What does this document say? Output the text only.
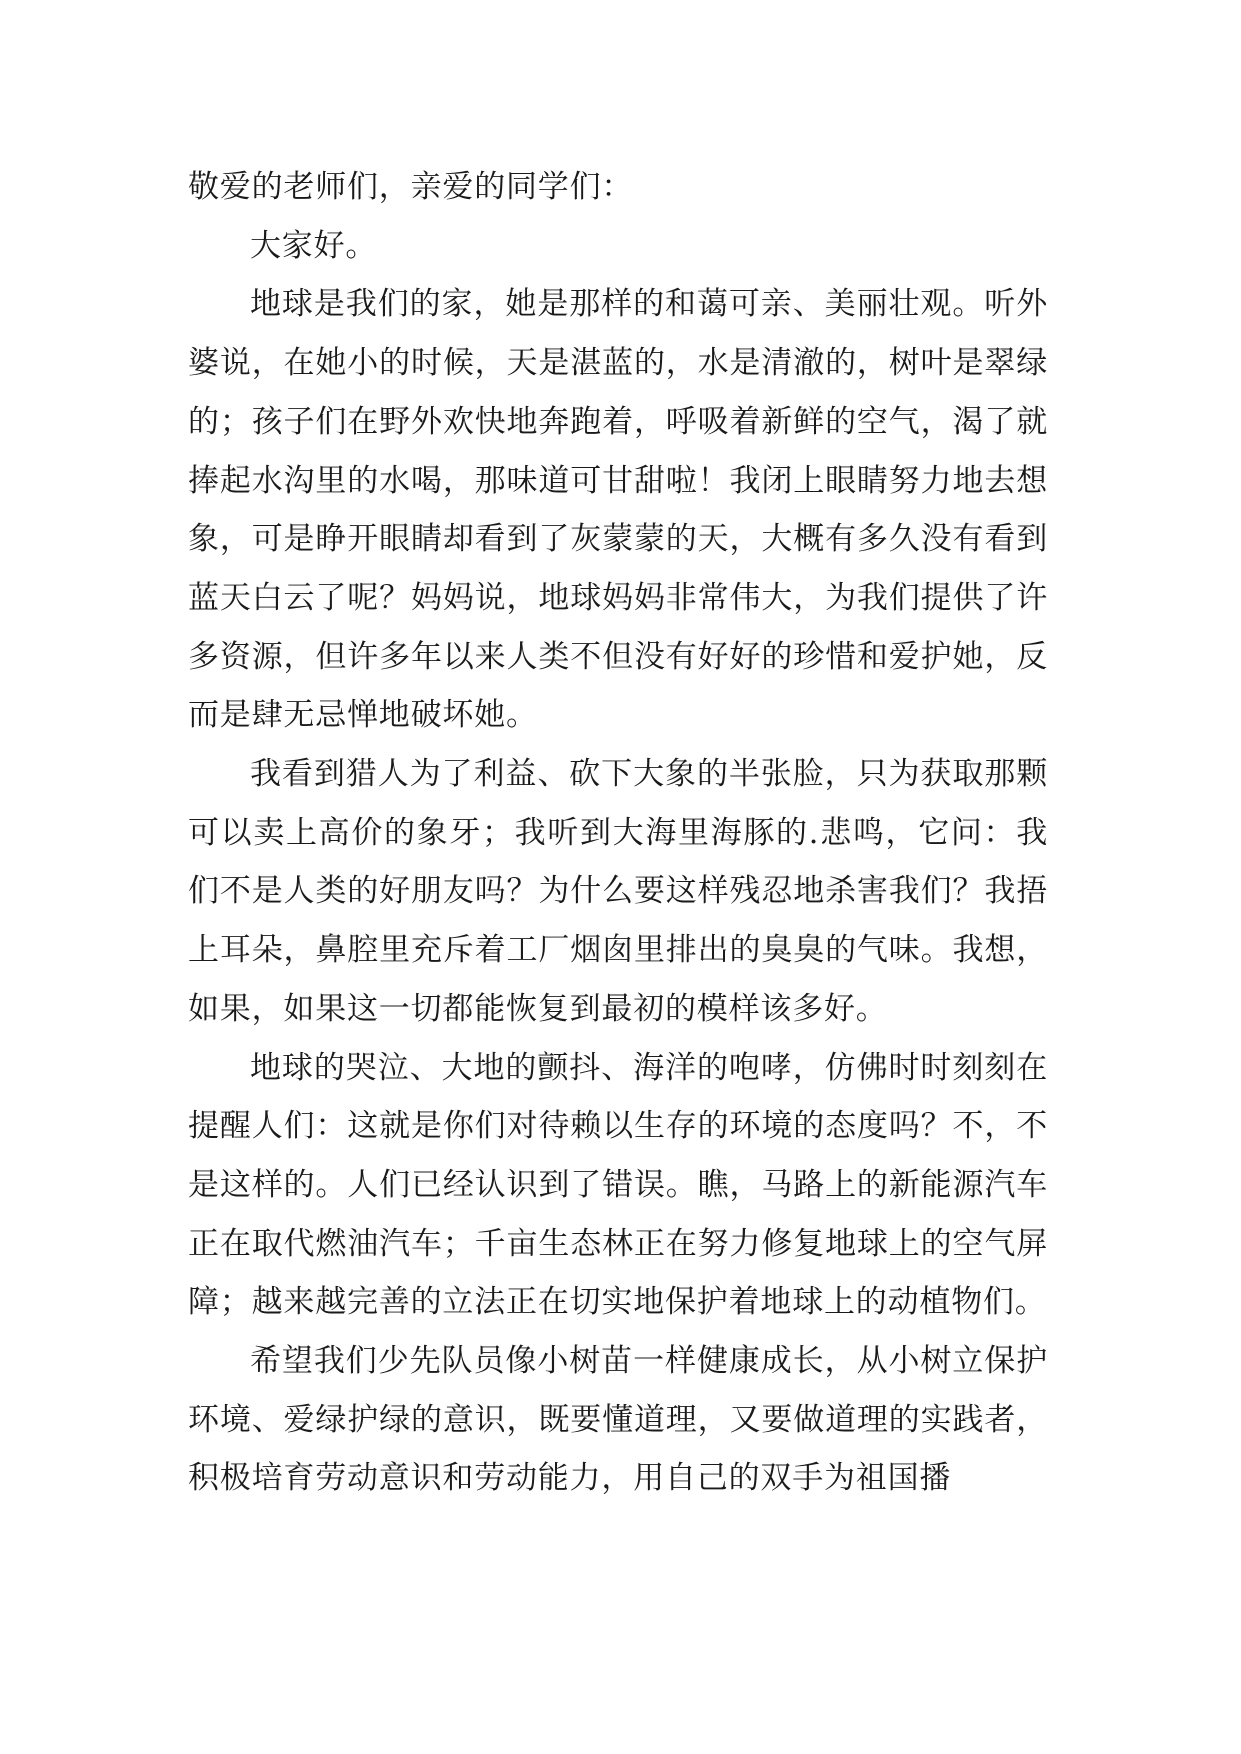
敬爱的老师们，亲爱的同学们：

大家好。

地球是我们的家，她是那样的和蔼可亲、美丽壮观。听外婆说，在她小的时候，天是湛蓝的，水是清澈的，树叶是翠绿的；孩子们在野外欢快地奔跑着，呼吸着新鲜的空气，渴了就捧起水沟里的水喝，那味道可甘甜啦！我闭上眼睛努力地去想象，可是睁开眼睛却看到了灰蒙蒙的天，大概有多久没有看到蓝天白云了呢？妈妈说，地球妈妈非常伟大，为我们提供了许多资源，但许多年以来人类不但没有好好的珍惜和爱护她，反而是肆无忌惮地破坏她。

我看到猎人为了利益、砍下大象的半张脸，只为获取那颗可以卖上高价的象牙；我听到大海里海豚的.悲鸣，它问：我们不是人类的好朋友吗？为什么要这样残忍地杀害我们？我捂上耳朵，鼻腔里充斥着工厂烟囱里排出的臭臭的气味。我想，如果，如果这一切都能恢复到最初的模样该多好。

地球的哭泣、大地的颤抖、海洋的咆哮，仿佛时时刻刻在提醒人们：这就是你们对待赖以生存的环境的态度吗？不，不是这样的。人们已经认识到了错误。瞧，马路上的新能源汽车正在取代燃油汽车；千亩生态林正在努力修复地球上的空气屏障；越来越完善的立法正在切实地保护着地球上的动植物们。

希望我们少先队员像小树苗一样健康成长，从小树立保护环境、爱绿护绿的意识，既要懂道理，又要做道理的实践者，积极培育劳动意识和劳动能力，用自己的双手为祖国播
